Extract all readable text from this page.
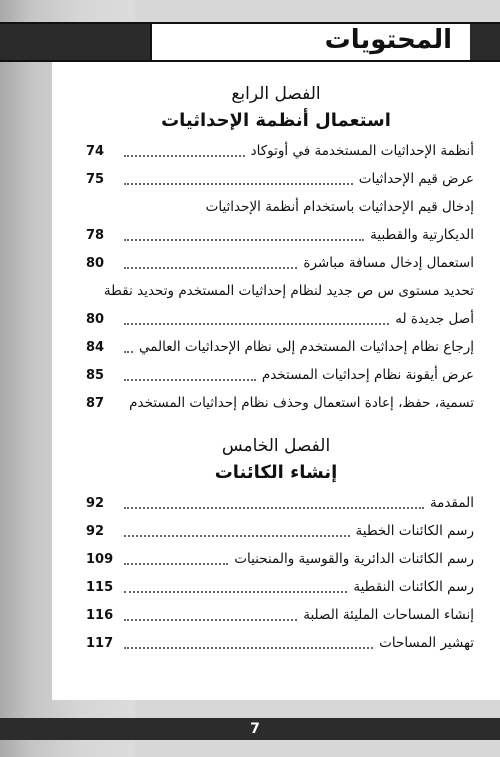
المحتويات
الفصل الرابع
استعمال أنظمة الإحداثيات
أنظمة الإحداثيات المستخدمة في أوتوكاد
74
عرض قيم الإحداثيات
75
إدخال قيم الإحداثيات باستخدام أنظمة الإحداثيات
الديكارتية والقطبية
78
استعمال إدخال مسافة مباشرة
80
تحديد مستوى س ص جديد لنظام إحداثيات المستخدم وتحديد نقطة
أصل جديدة له
80
إرجاع نظام إحداثيات المستخدم إلى نظام الإحداثيات العالمي
84
عرض أيقونة نظام إحداثيات المستخدم
85
تسمية، حفظ، إعادة استعمال وحذف نظام إحداثيات المستخدم
87
الفصل الخامس
إنشاء الكائنات
المقدمة
92
رسم الكائنات الخطية
92
رسم الكائنات الدائرية والقوسية والمنحنيات
109
رسم الكائنات النقطية
115
إنشاء المساحات المليئة الصلبة
116
تهشير المساحات
117
7
